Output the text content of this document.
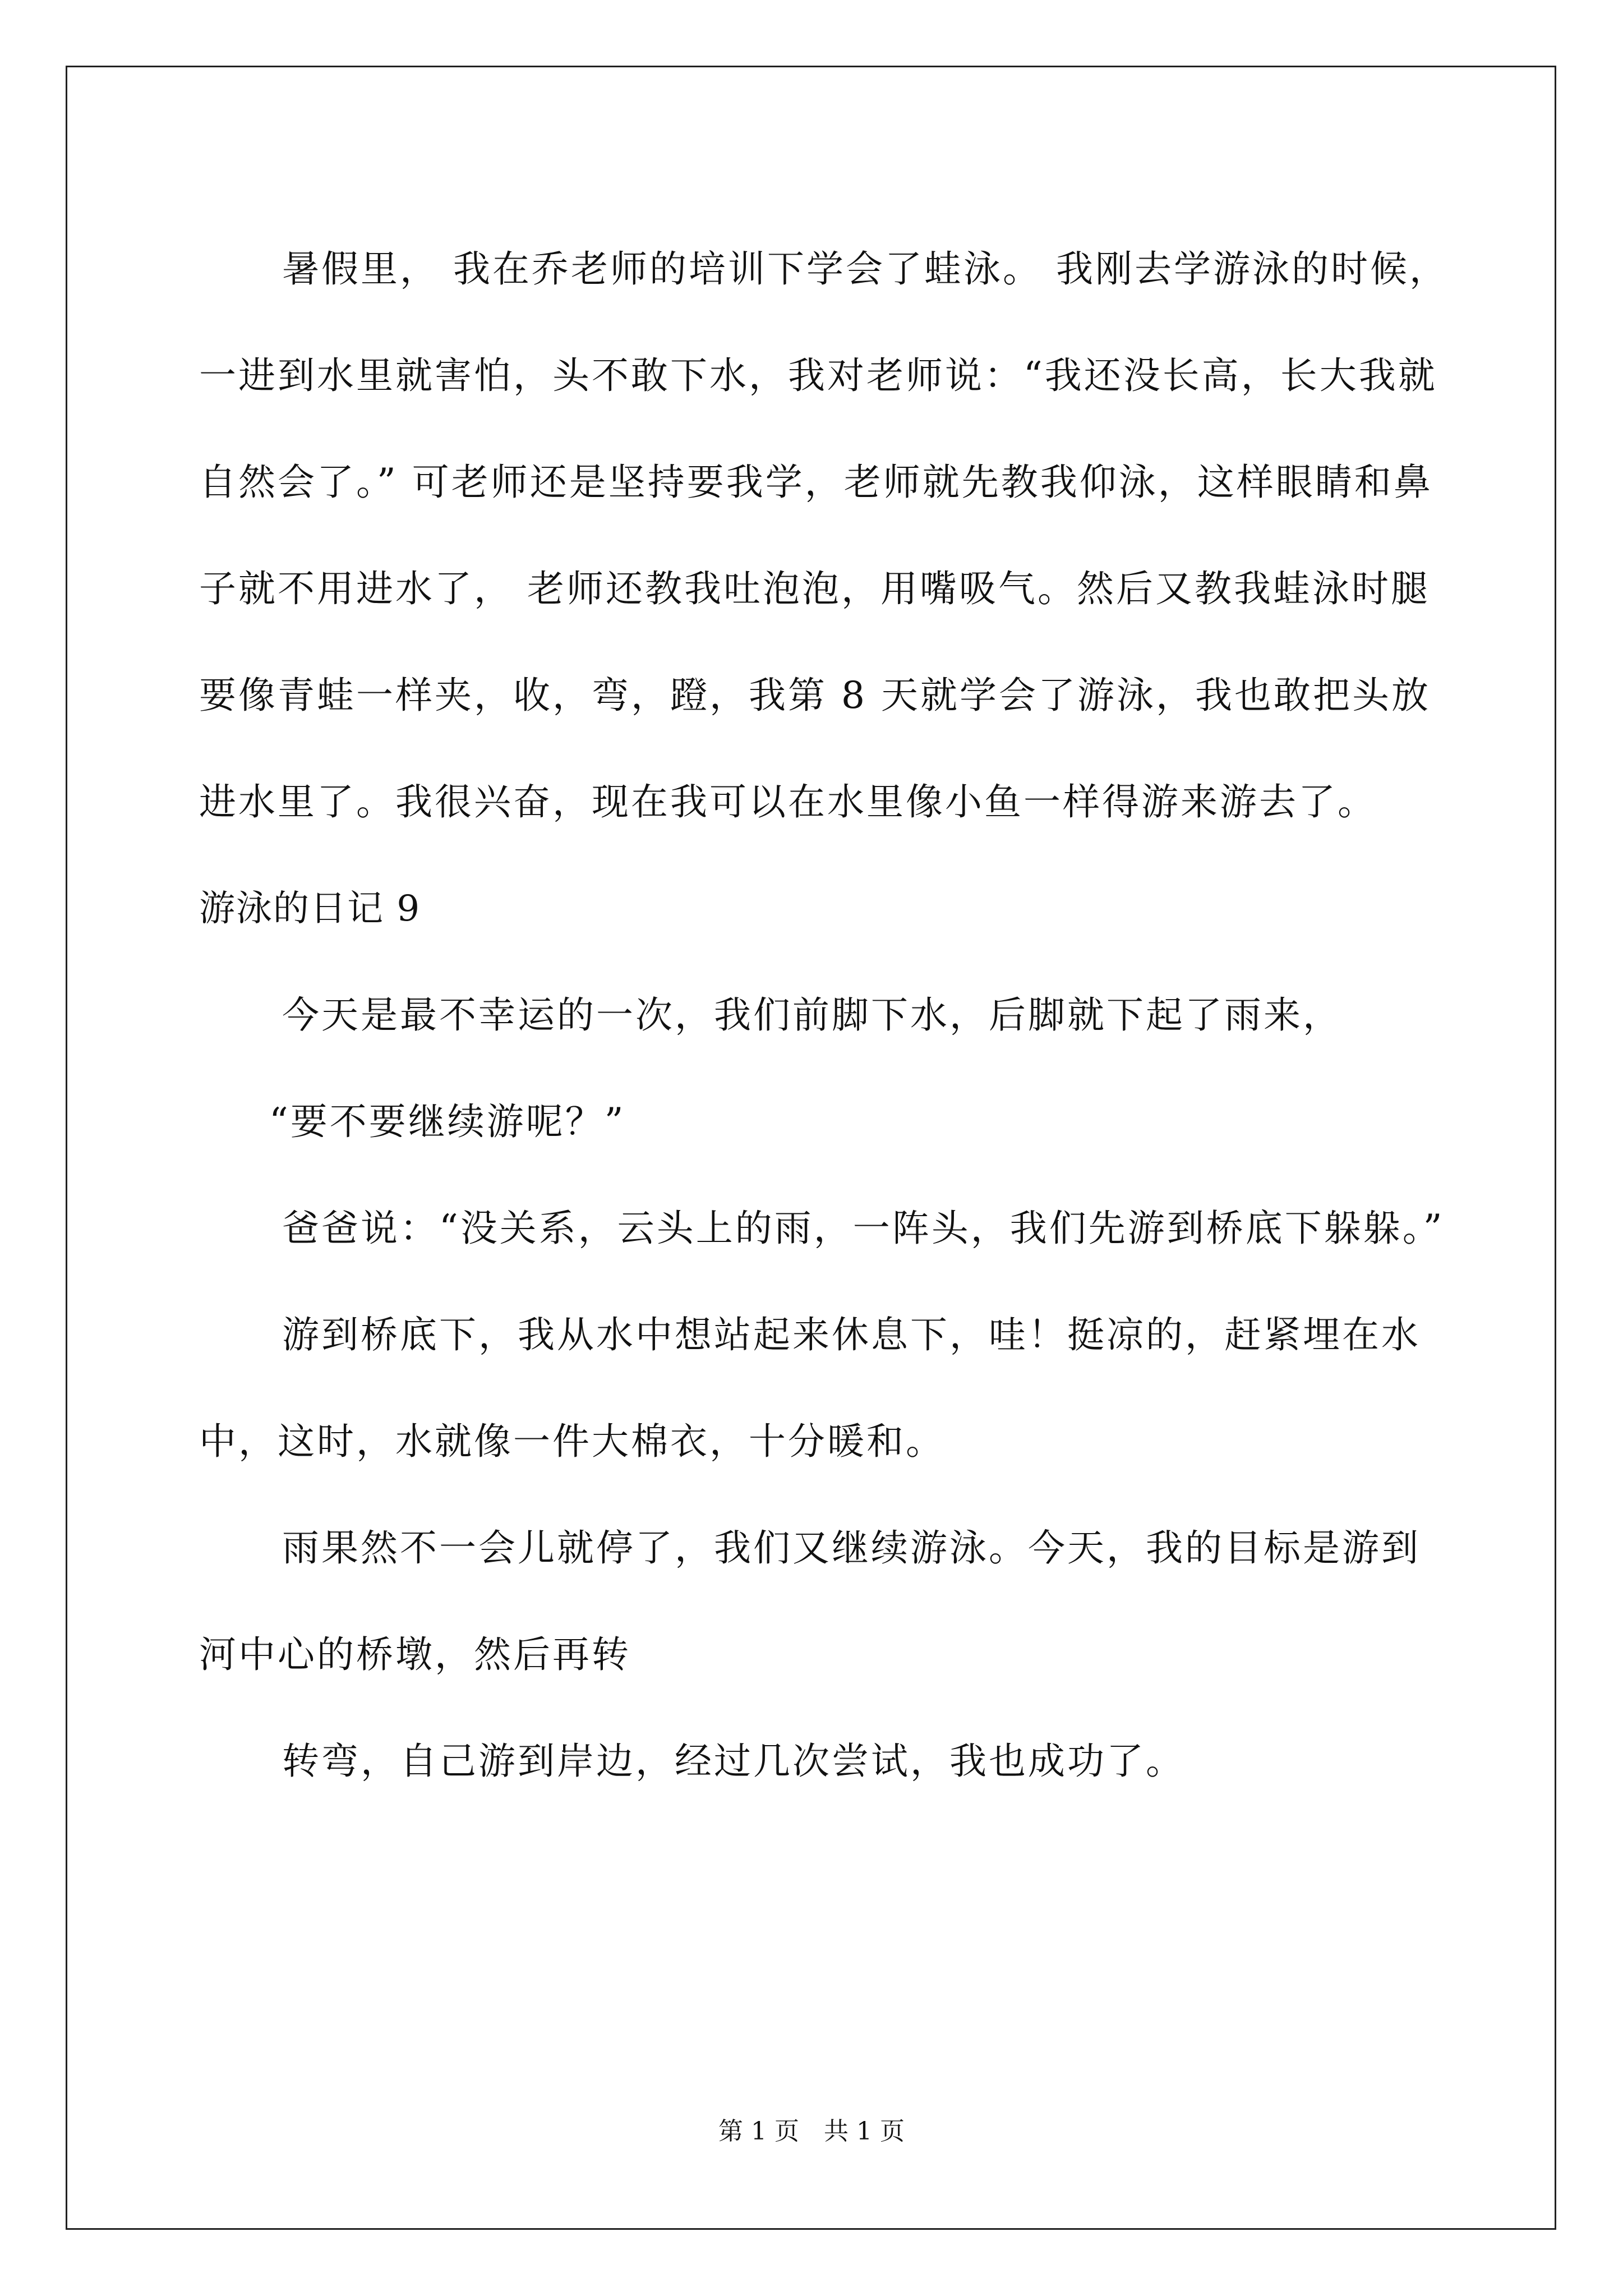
暑假里， 我在乔老师的培训下学会了蛙泳。 我刚去学游泳的时候，一进到水里就害怕，头不敢下水，我对老师说：“我还没长高，长大我就自然会了。” 可老师还是坚持要我学，老师就先教我仰泳，这样眼睛和鼻子就不用进水了， 老师还教我吐泡泡，用嘴吸气。然后又教我蛙泳时腿要像青蛙一样夹，收，弯，蹬，我第 8 天就学会了游泳，我也敢把头放进水里了。我很兴奋，现在我可以在水里像小鱼一样得游来游去了。

游泳的日记 9

今天是最不幸运的一次，我们前脚下水，后脚就下起了雨来，

“要不要继续游呢？”

爸爸说：“没关系，云头上的雨，一阵头，我们先游到桥底下躲躲。”

游到桥底下，我从水中想站起来休息下，哇！挺凉的，赶紧埋在水中，这时，水就像一件大棉衣，十分暖和。

雨果然不一会儿就停了，我们又继续游泳。今天，我的目标是游到河中心的桥墩，然后再转

转弯，自己游到岸边，经过几次尝试，我也成功了。

第 1 页　共 1 页
